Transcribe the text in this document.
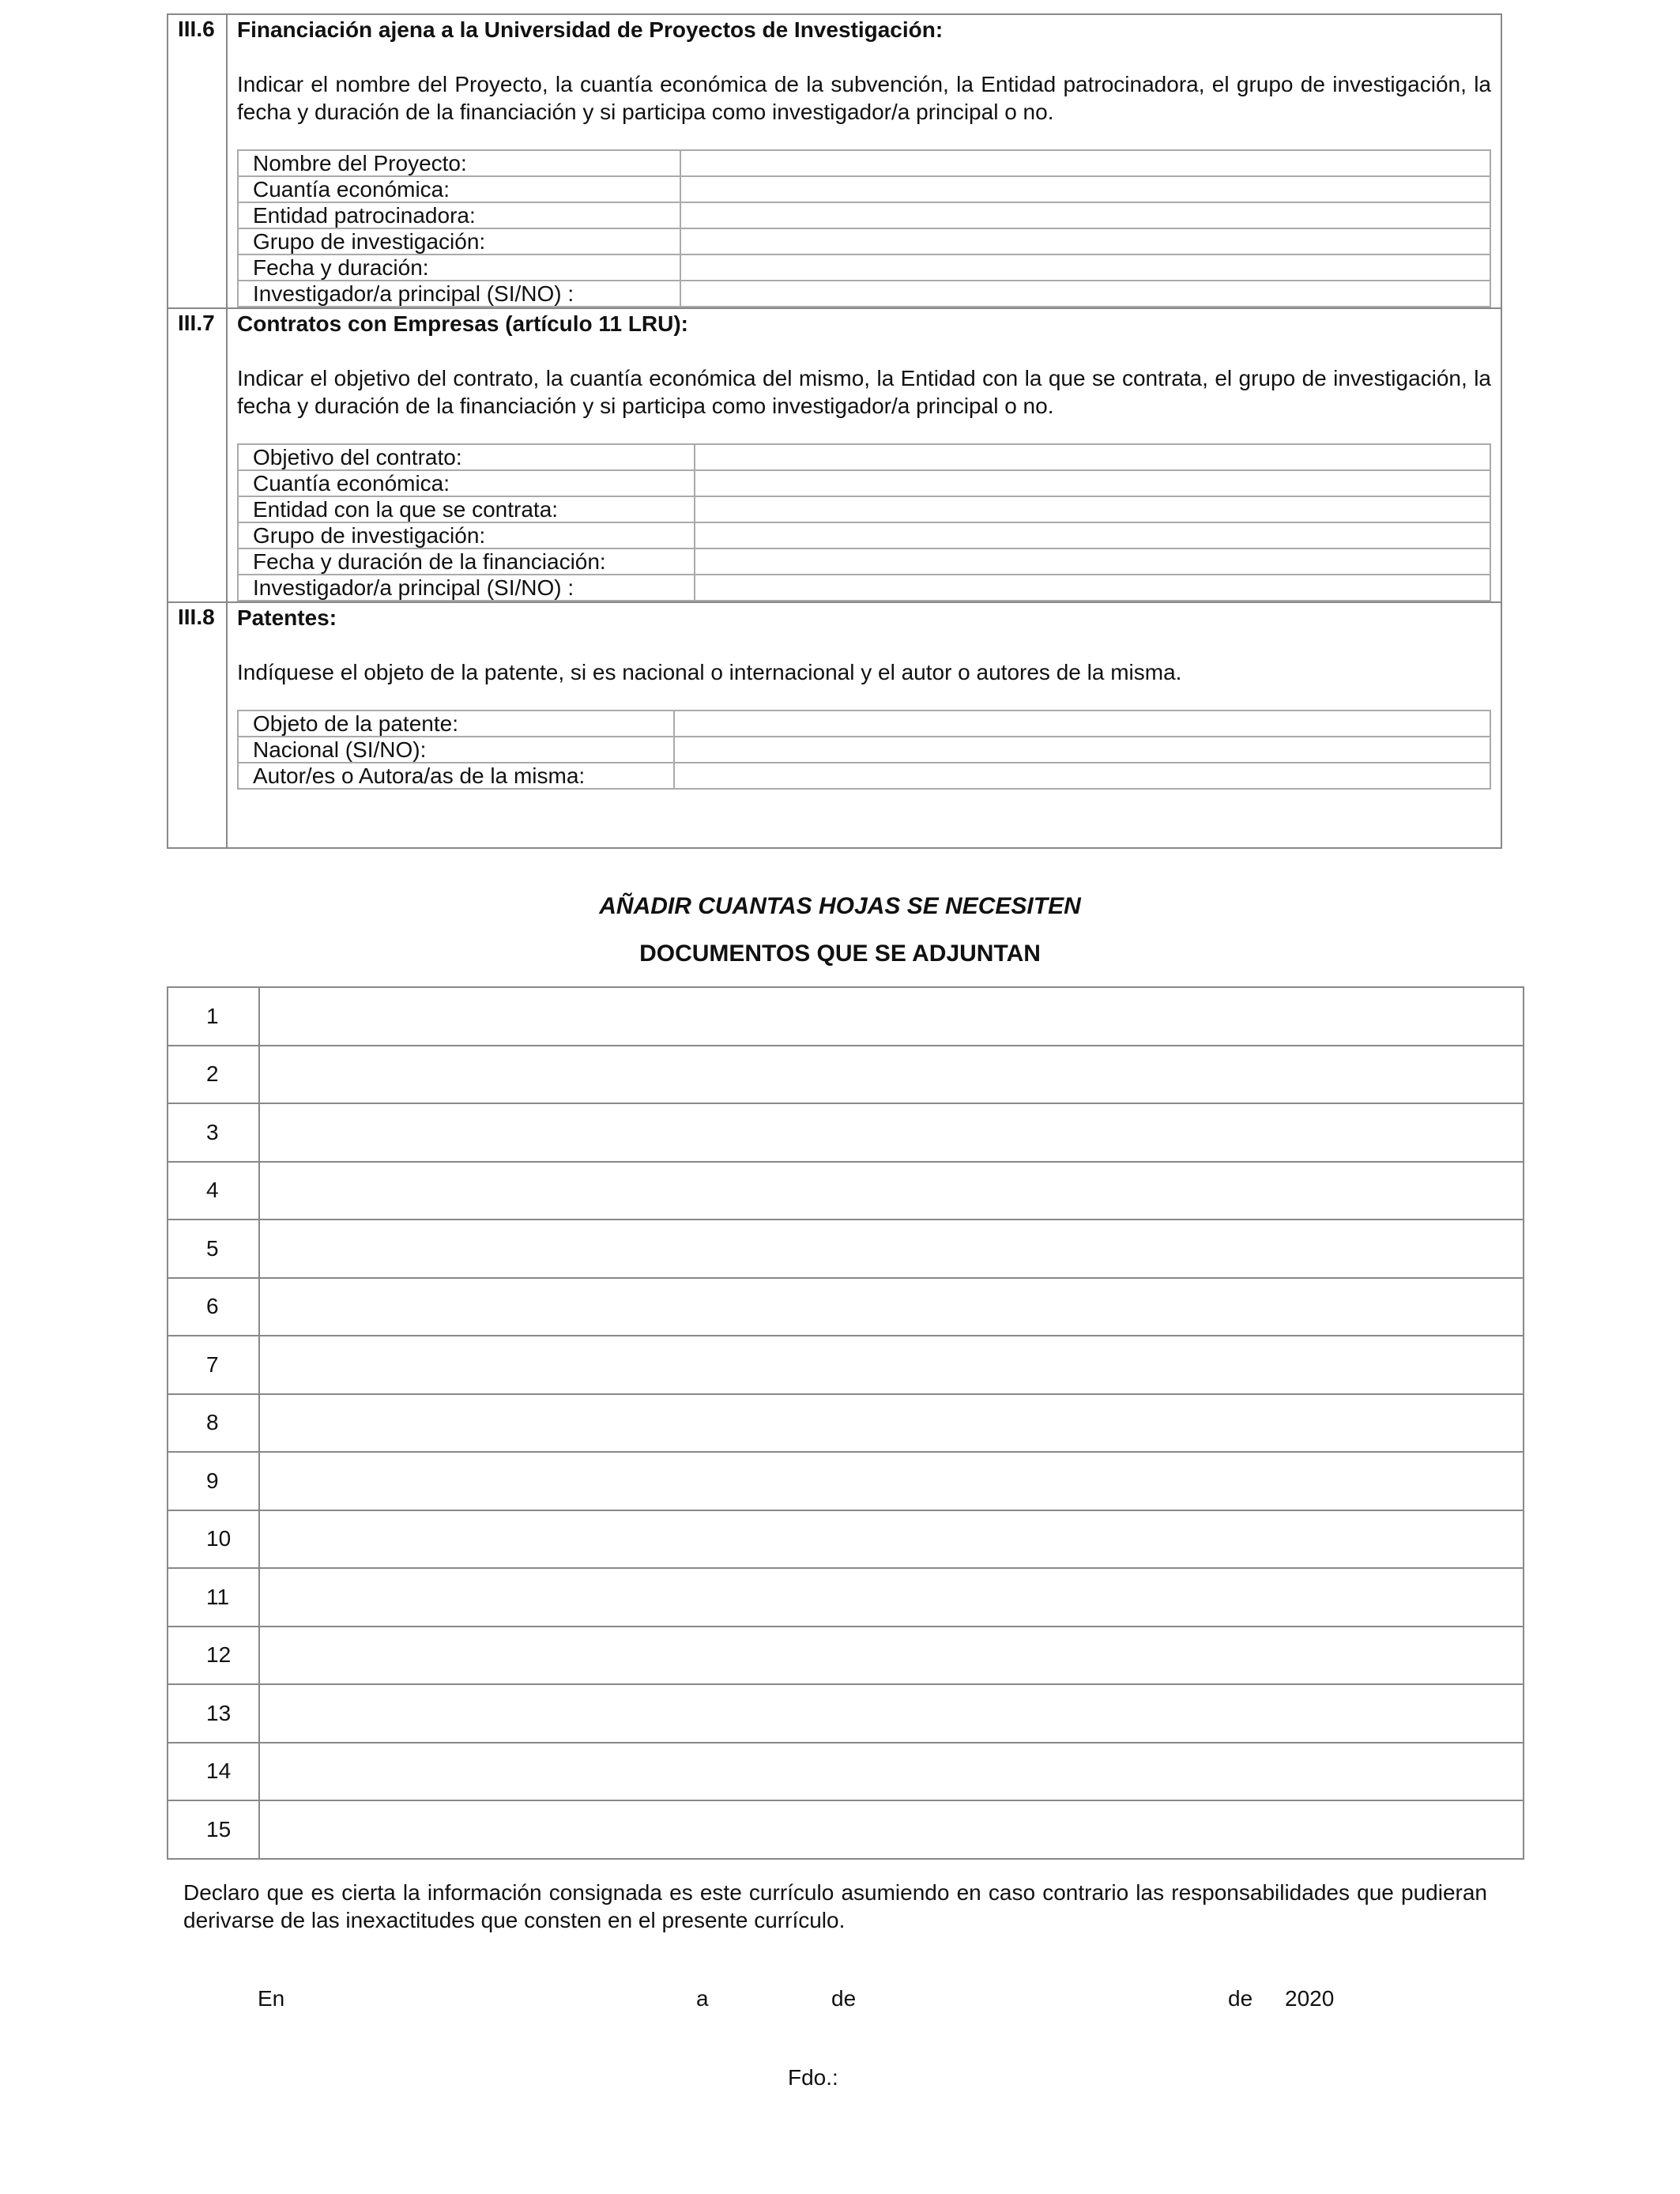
III.6	Financiación ajena a la Universidad de Proyectos de Investigación:
Indicar el nombre del Proyecto, la cuantía económica de la subvención, la Entidad patrocinadora, el grupo de investigación, la fecha y duración de la financiación y si participa como investigador/a principal o no.
Nombre del Proyecto:	
Cuantía económica:	
Entidad patrocinadora:	
Grupo de investigación:	
Fecha y duración:	
Investigador/a principal (SI/NO) :	
III.7	Contratos con Empresas (artículo 11 LRU):
Indicar el objetivo del contrato, la cuantía económica del mismo, la Entidad con la que se contrata, el grupo de investigación, la fecha y duración de la financiación y si participa como investigador/a principal o no.
Objetivo del contrato:	
Cuantía económica:	
Entidad con la que se contrata:	
Grupo de investigación:	
Fecha y duración de la financiación:	
Investigador/a principal (SI/NO) :	
III.8	Patentes:
Indíquese el objeto de la patente, si es nacional o internacional y el autor o autores de la misma.
Objeto de la patente:	
Nacional (SI/NO):	
Autor/es o Autora/as de la misma:	
AÑADIR CUANTAS HOJAS SE NECESITEN
DOCUMENTOS QUE SE ADJUNTAN
1	
2	
3	
4	
5	
6	
7	
8	
9	
10	
11	
12	
13	
14	
15	
Declaro que es cierta la información consignada es este currículo asumiendo en caso contrario las responsabilidades que pudieran derivarse de las inexactitudes que consten en el presente currículo.
En	a	de	de 2020
Fdo.:
